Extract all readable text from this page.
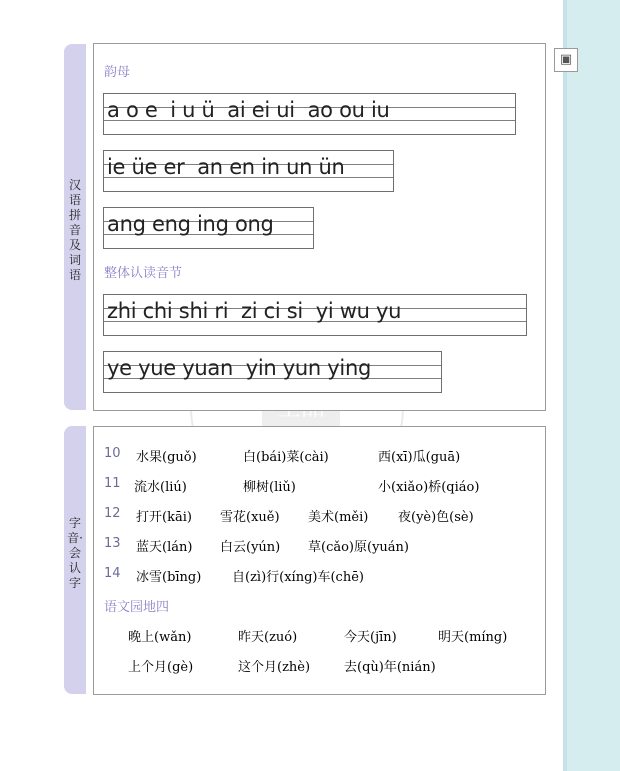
▣
汉语拼音及词语
字音·会认字
韵母
a o e  i u ü  ai ei ui  ao ou iu
ie üe er  an en in un ün
ang eng ing ong
整体认读音节
zhi chi shi ri  zi ci si  yi wu yu
ye yue yuan  yin yun ying
10 水果(guǒ)	白(bái)菜(cài)	西(xī)瓜(guā)
11 流水(liú)	柳树(liǔ)	小(xiǎo)桥(qiáo)
12 打开(kāi) 雪花(xuě) 美术(měi) 夜(yè)色(sè)
13 蓝天(lán) 白云(yún) 草(cǎo)原(yuán)
14 冰雪(bīng) 自(zì)行(xíng)车(chē)
语文园地四
晚上(wǎn)	昨天(zuó)	今天(jīn)	明天(míng)
上个月(gè)	这个月(zhè)	去(qù)年(nián)
